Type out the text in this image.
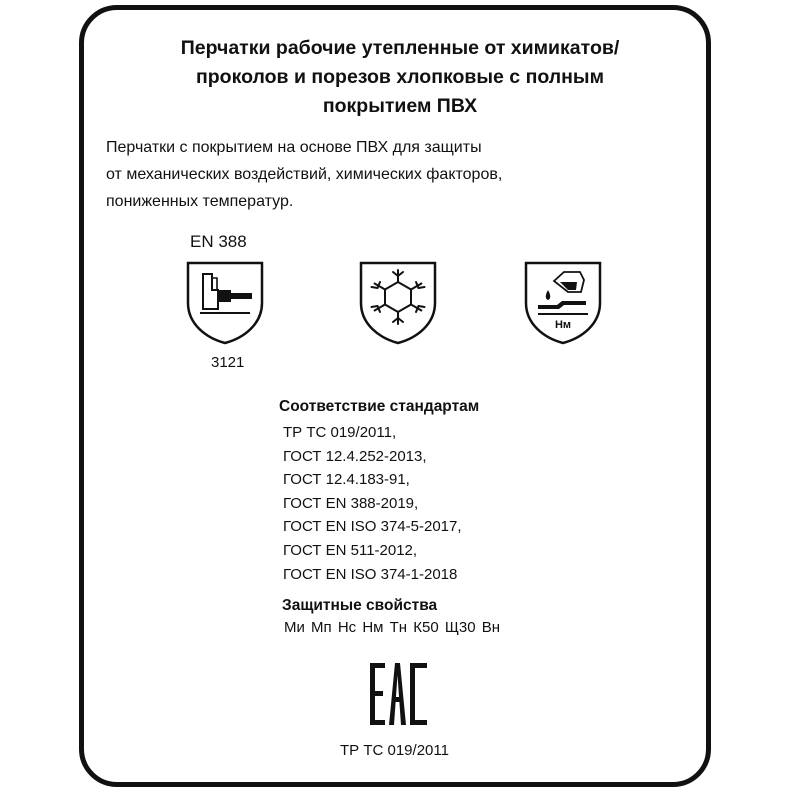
Перчатки рабочие утепленные от химикатов/
проколов и порезов хлопковые с полным
покрытием ПВХ

Перчатки с покрытием на основе ПВХ для защиты
от механических воздействий, химических факторов,
пониженных температур.

EN 388
3121
Нм
Соответствие стандартам
ТР ТС 019/2011,
ГОСТ 12.4.252-2013,
ГОСТ 12.4.183-91,
ГОСТ EN 388-2019,
ГОСТ EN ISO 374-5-2017,
ГОСТ EN 511-2012,
ГОСТ EN ISO 374-1-2018
Защитные свойства
Ми Мп Нс Нм Тн К50 Щ30 Вн
ТР ТС 019/2011
